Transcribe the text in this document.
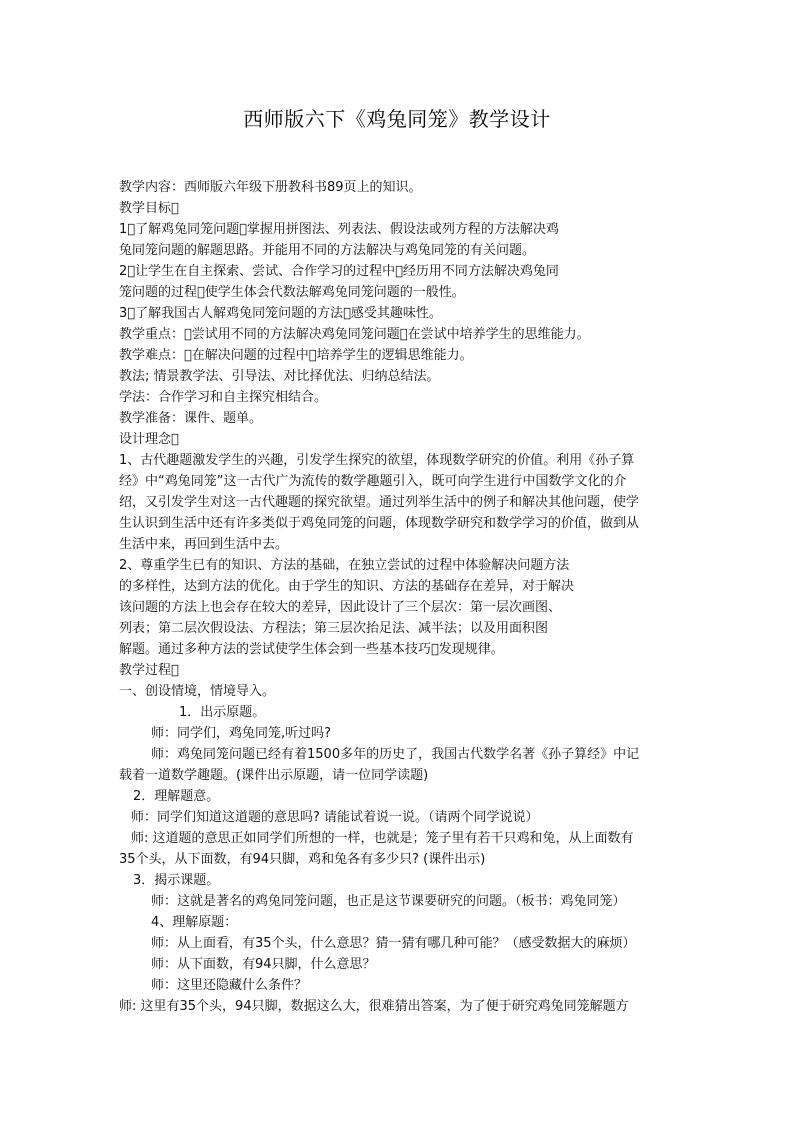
西师版六下《鸡兔同笼》教学设计
教学内容：西师版六年级下册教科书89页上的知识。
教学目标
1 了解鸡兔同笼问题 掌握用拼图法、列表法、假设法或列方程的方法解决鸡
兔同笼问题的解题思路。并能用不同的方法解决与鸡兔同笼的有关问题。
2 让学生在自主探索、尝试、合作学习的过程中 经历用不同方法解决鸡兔同
笼问题的过程 使学生体会代数法解鸡兔同笼问题的一般性。
3 了解我国古人解鸡兔同笼问题的方法 感受其趣味性。
教学重点： 尝试用不同的方法解决鸡兔同笼问题 在尝试中培养学生的思维能力。
教学难点： 在解决问题的过程中 培养学生的逻辑思维能力。
教法; 情景教学法、引导法、对比择优法、归纳总结法。
学法：合作学习和自主探究相结合。
教学准备：课件、题单。
设计理念
1、古代趣题激发学生的兴趣，引发学生探究的欲望，体现数学研究的价值。利用《孙子算
经》中“鸡兔同笼”这一古代广为流传的数学趣题引入，既可向学生进行中国数学文化的介
绍，又引发学生对这一古代趣题的探究欲望。通过列举生活中的例子和解决其他问题，使学
生认识到生活中还有许多类似于鸡兔同笼的问题，体现数学研究和数学学习的价值，做到从
生活中来，再回到生活中去。
2、尊重学生已有的知识、方法的基础，在独立尝试的过程中体验解决问题方法
的多样性，达到方法的优化。由于学生的知识、方法的基础存在差异，对于解决
该问题的方法上也会存在较大的差异，因此设计了三个层次：第一层次画图、
列表；第二层次假设法、方程法；第三层次抬足法、减半法；以及用面积图
解题。通过多种方法的尝试使学生体会到一些基本技巧 发现规律。
教学过程
一、创设情境，情境导入。
1．出示原题。
师：同学们，鸡兔同笼,听过吗?
师：鸡兔同笼问题已经有着1500多年的历史了，我国古代数学名著《孙子算经》中记
载着一道数学趣题。(课件出示原题，请一位同学读题)
2．理解题意。
师：同学们知道这道题的意思吗? 请能试着说一说。（请两个同学说说）
师: 这道题的意思正如同学们所想的一样，也就是；笼子里有若干只鸡和兔，从上面数有
35个头，从下面数，有94只脚，鸡和兔各有多少只? (课件出示)
3．揭示课题。
师：这就是著名的鸡兔同笼问题，也正是这节课要研究的问题。（板书：鸡兔同笼）
4、理解原题：
师：从上面看，有35个头，什么意思？猜一猜有哪几种可能？（感受数据大的麻烦）
师：从下面数，有94只脚，什么意思？
师：这里还隐藏什么条件？
师: 这里有35个头，94只脚，数据这么大，很难猜出答案，为了便于研究鸡兔同笼解题方
